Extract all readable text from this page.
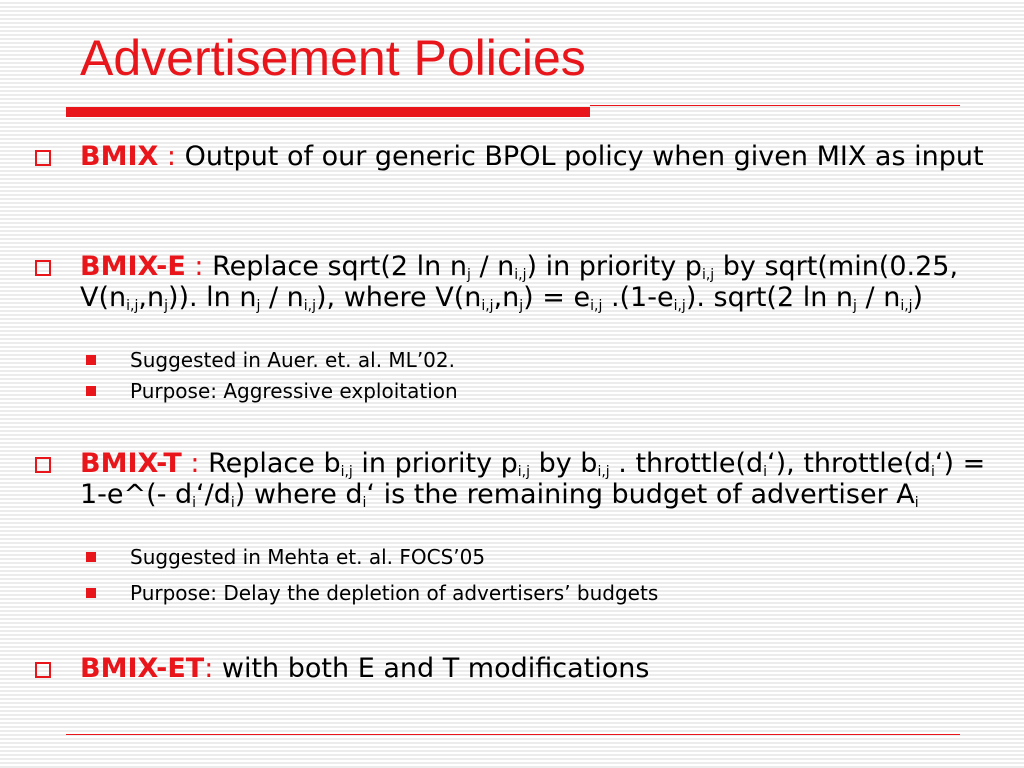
Advertisement Policies
BMIX : Output of our generic BPOL policy when given MIX as input
BMIX-E : Replace sqrt(2 $\ln n_j / n_{i,j}$) in priority $p_{i,j}$ by sqrt(min(0.25, $V(n_{i,j},n_j)$). $\ln n_j / n_{i,j}$), where $V(n_{i,j},n_j) = e_{i,j}$ $.(1-e_{i,j})$. sqrt(2 $\ln n_j / n_{i,j}$)
Suggested in Auer. et. al. ML’02.
Purpose: Aggressive exploitation
BMIX-T : Replace $b_{i,j}$ in priority $p_{i,j}$ by $b_{i,j}$ . $throttle(d_i‘)$, $throttle(d_i‘)$ = 1-e^(- $d_i‘/d_i$) where $d_i‘$ is the remaining budget of advertiser $A_i$
Suggested in Mehta et. al. FOCS’05
Purpose: Delay the depletion of advertisers’ budgets
BMIX-ET: with both E and T modifications
